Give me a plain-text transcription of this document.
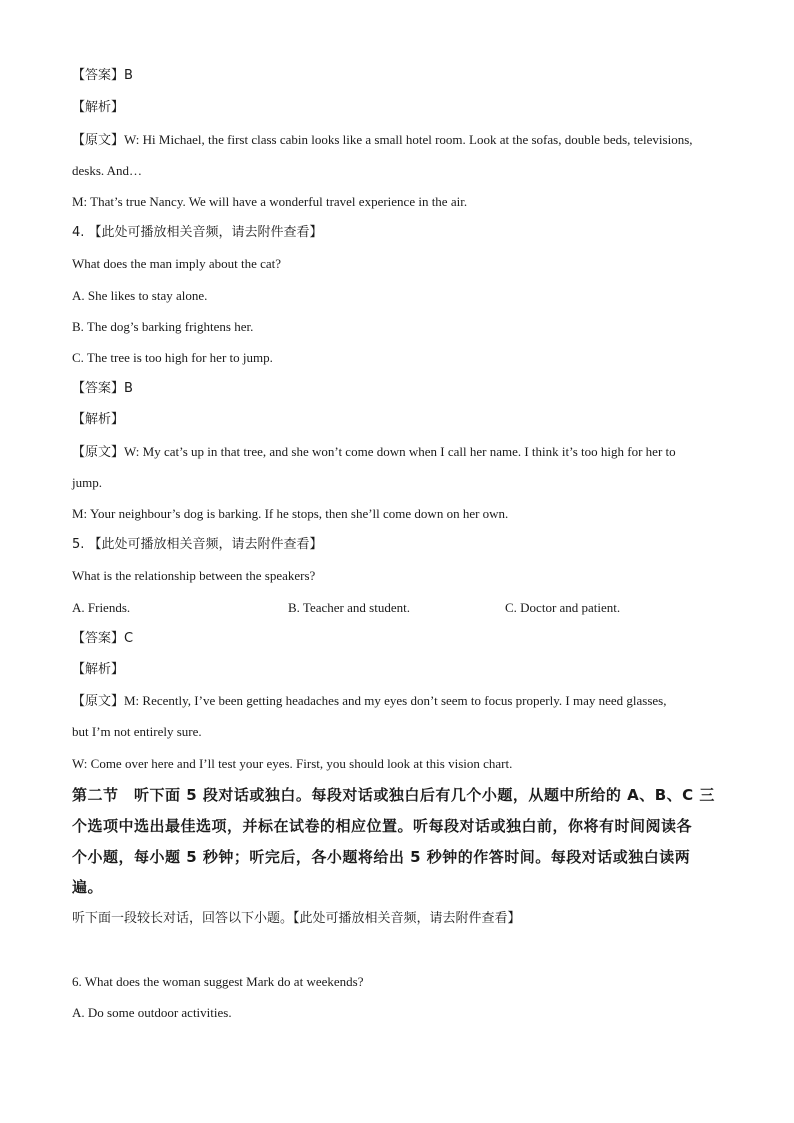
【答案】B
【解析】
【原文】W: Hi Michael, the first class cabin looks like a small hotel room. Look at the sofas, double beds, televisions,
desks. And…
M: That’s true Nancy. We will have a wonderful travel experience in the air.
4. 【此处可播放相关音频，请去附件查看】
What does the man imply about the cat?
A. She likes to stay alone.
B. The dog’s barking frightens her.
C. The tree is too high for her to jump.
【答案】B
【解析】
【原文】W: My cat’s up in that tree, and she won’t come down when I call her name. I think it’s too high for her to
jump.
M: Your neighbour’s dog is barking. If he stops, then she’ll come down on her own.
5. 【此处可播放相关音频，请去附件查看】
What is the relationship between the speakers?
A. Friends.	B. Teacher and student.	C. Doctor and patient.
【答案】C
【解析】
【原文】M: Recently, I’ve been getting headaches and my eyes don’t seem to focus properly. I may need glasses,
but I’m not entirely sure.
W: Come over here and I’ll test your eyes. First, you should look at this vision chart.
第二节　听下面 5 段对话或独白。每段对话或独白后有几个小题，从题中所给的 A、B、C 三
个选项中选出最佳选项，并标在试卷的相应位置。听每段对话或独白前，你将有时间阅读各
个小题，每小题 5 秒钟；听完后，各小题将给出 5 秒钟的作答时间。每段对话或独白读两
遍。
听下面一段较长对话，回答以下小题。【此处可播放相关音频，请去附件查看】
6. What does the woman suggest Mark do at weekends?
A. Do some outdoor activities.
